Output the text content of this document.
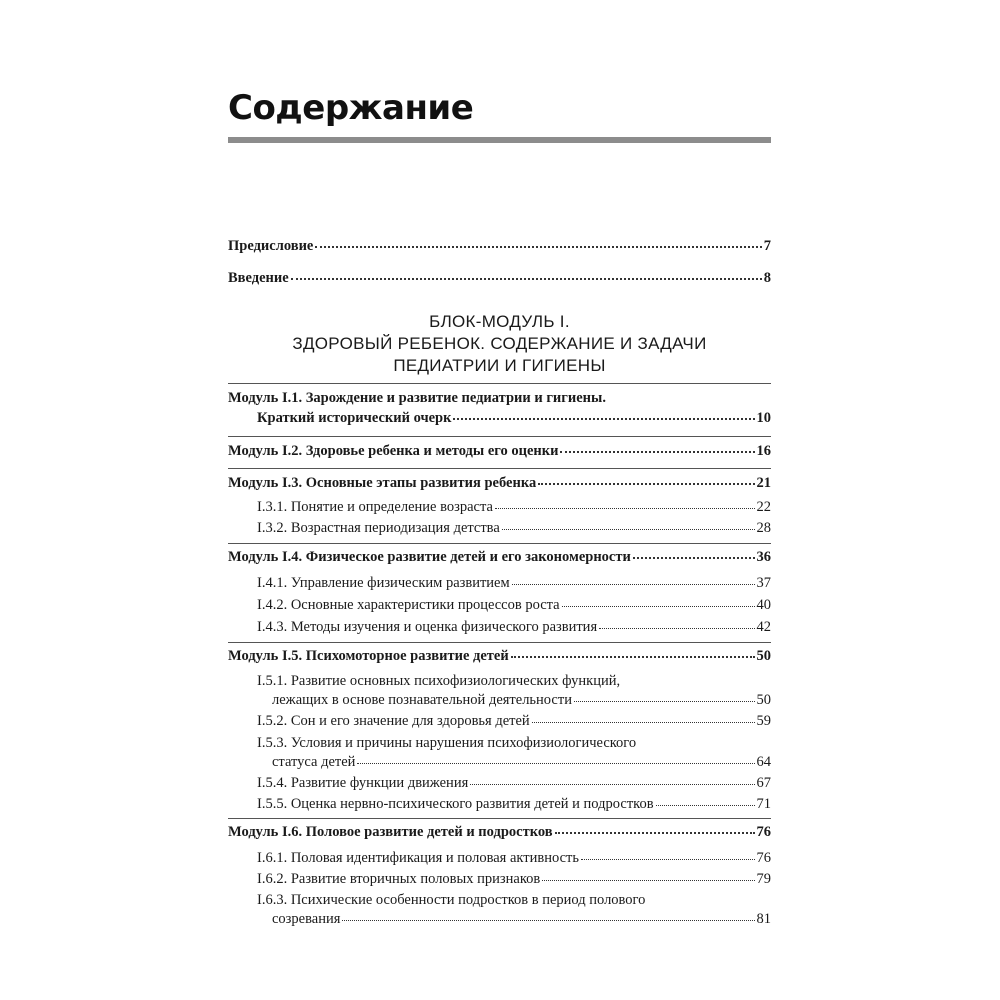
Содержание
Предисловие	7
Введение	8
БЛОК-МОДУЛЬ I.
ЗДОРОВЫЙ РЕБЕНОК. СОДЕРЖАНИЕ И ЗАДАЧИ
ПЕДИАТРИИ И ГИГИЕНЫ
Модуль I.1. Зарождение и развитие педиатрии и гигиены.
Краткий исторический очерк	10
Модуль I.2. Здоровье ребенка и методы его оценки	16
Модуль I.3. Основные этапы развития ребенка	21
I.3.1. Понятие и определение возраста	22
I.3.2. Возрастная периодизация детства	28
Модуль I.4. Физическое развитие детей и его закономерности	36
I.4.1. Управление физическим развитием	37
I.4.2. Основные характеристики процессов роста	40
I.4.3. Методы изучения и оценка физического развития	42
Модуль I.5. Психомоторное развитие детей	50
I.5.1. Развитие основных психофизиологических функций,
лежащих в основе познавательной деятельности	50
I.5.2. Сон и его значение для здоровья детей	59
I.5.3. Условия и причины нарушения психофизиологического
статуса детей	64
I.5.4. Развитие функции движения	67
I.5.5. Оценка нервно-психического развития детей и подростков	71
Модуль I.6. Половое развитие детей и подростков	76
I.6.1. Половая идентификация и половая активность	76
I.6.2. Развитие вторичных половых признаков	79
I.6.3. Психические особенности подростков в период полового
созревания	81
